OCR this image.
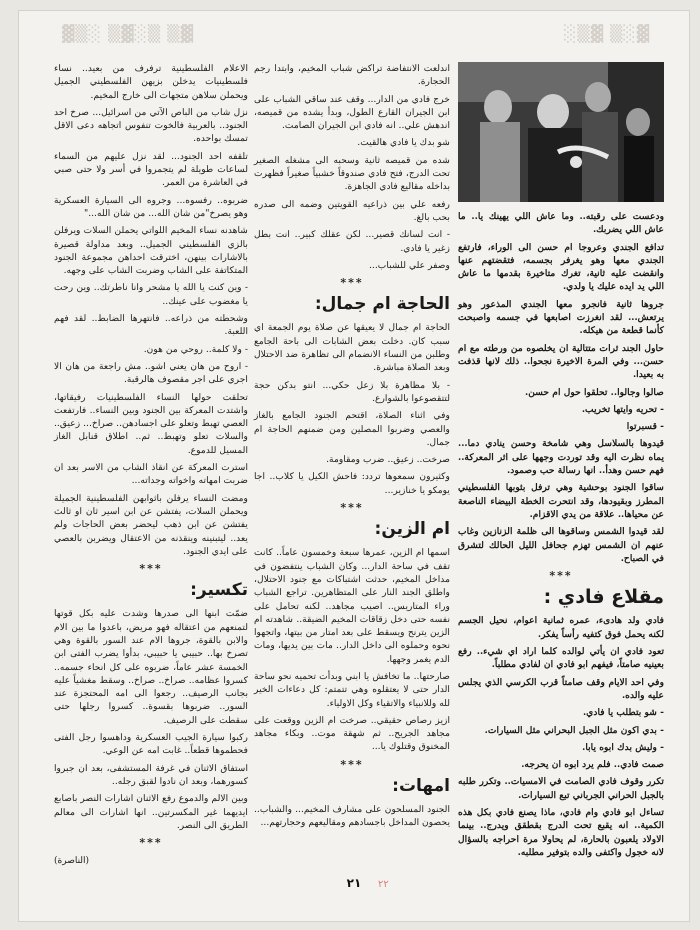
▓▒░ ▒▓░▒ ▒▓	░▒▓ ▒░▓

ودعست على رقبته.. وما عاش اللي يهينك يا.. ما عاش اللي يضربك.

تدافع الجندي وعروجا ام حسن الى الوراء، فارتفع الجندي معها وهو يغرفر بجسمه، فتقضتهم عنها وانقضت عليه ثانية، تغرك متاخيرة بقدمها ما عاش اللي يد ايده عليك يا ولدي.

جروها ثانية فانجرو معها الجندي المذعور وهو يرتعش... لقد انغرزت اصابعها في جسمه واصبحت كأنما قطعة من هيكله.

حاول الجند ثرات متتالية ان يخلصوه من ورطته مع ام حسن... وفي المرة الاخيرة نجحوا.. ذلك لانها قذفت به بعيدا.

صالوا وجالوا.. تحلقوا حول ام حسن.

- تحريه وايتها تخريب.

- قسبرتوا

قيدوها بالسلاسل وهي شامخة وحسن ينادي دما... يماه نظرت اليه وقد توردت وجهها على اثر المعركة.. فهم حسن وهدأ.. انها رسالة حب وصمود.

ساقوا الجنود بوحشية وهي ترفل بثوبها الفلسطيني المطرز وبقيودها، وقد انتحرت الخطة البيضاء الناصعة عن محياها.. علاقة من يدي الاقزام.

لقد قيدوا الشمس وساقوها الى ظلمة الزنازين وغاب عنهم ان الشمس تهزم جحافل الليل الحالك لتشرق في الصباح.

***
مقلاع فادي :

فادي ولد هادىء، عمره ثمانية اعوام، نحيل الجسم لكنه يحمل فوق كتفيه رأساً يفكر.

تعود فادي ان يأتي لوالده كلما اراد اي شيء.. رفع بعينيه صامتاً، فيفهم ابو فادي ان لفادي مطلباً.

وفي احد الايام وقف صامتاً قرب الكرسي الذي يجلس عليه والده.

- شو بتطلب يا فادي.

- بدي اكون مثل الجبل البحراني مثل السيارات.

- وليش بدك ابوه يابا.

صمت فادي.. فلم يرد ابوه ان يحرجه.

تكرر وقوف فادي الصامت في الامسيات.. وتكرر طلبه بالجبل الحراني الجرباني تبع السيارات.

تساءل ابو فادي وام فادي، ماذا يصنع فادي بكل هذه الكمية.. انه يقبع تحت الدرج بقطقق ويدرج.. بينما الاولاد يلعبون بالحارة، لم يحاولا مرة احراجه بالسؤال لانه خجول واكتفى والده بتوفير مطلبه.

اندلعت الانتفاضة تراكض شباب المخيم، وابتدا رجم الحجارة.

خرج فادي من الدار... وقف عند ساقي الشباب على ابن الجيران القارع الطول، وبدأ يشده من قميصه، اندهش علي.. انه فادي ابن الجيران الصامت.

شو بدك يا فادي هالقيت.

شده من قميصه ثانية وسحبه الى مشغله الصغير تحت الدرج، فتح فادي صندوقاً خشبياً صغيراً فظهرت بداخله مقاليع فادي الجاهزة.

رفعه علي بين ذراعيه القويتين وضمه الى صدره بحب بالغ.

- انت لسانك قصير... لكن عقلك كبير.. انت بطل زغير يا فادي.

وصفر علي للشباب...

***
الحاجة ام جمال:

الحاجة ام جمال لا يعيقها عن صلاة يوم الجمعة اي سبب كان. دخلت بعض الشابات الى باحة الجامع وطلبن من النساء الانضمام الى تظاهرة ضد الاحتلال وبعد الصلاة مباشرة.

- بلا مظاهرة بلا زعل حكي... انتو بدكن حجة لتتقصوعوا بالشوارع.

وفي اثناء الصلاة، اقتحم الجنود الجامع بالغاز والعصي وضربوا المصلين ومن ضمنهم الحاجة ام جمال.

صرخت.. زعيق.. ضرب ومقاومة.

وكثيرون سمعوها تردد: فاحش الكيل يا كلاب.. اجا يومكو يا خنازير...

***
ام الزين:

اسمها ام الزين، عمرها سبعة وخمسون عاماً.. كانت تقف في ساحة الدار... وكان الشباب ينتفضون في مداخل المخيم، حدثت اشتباكات مع جنود الاحتلال، واطلق الجند النار على المتظاهرين. تراجع الشباب وراء المتاريس.. اصيب مجاهد.. لكنه تحامل على نفسه حتى دخل زقاقات المخيم الضيقة.. شاهدته ام الزين يترنح ويسقط على بعد امتار من بيتها، واتجهوا نحوه وحملوه الى داخل الدار.. مات بين يديها، ومات الدم يغمر وجهها.

صارحتها.. ما تخافش يا ابني وبدأت تحميه نحو ساحة الدار حتى لا يعتقلوه وهي تتمتم: كل دعاءات الخير لله وللانبياء والاتقياء وكل الاولياء.

ازيز رصاص حقيقي.. صرخت ام الزين ووقعت على مجاهد الجريح.. ثم شهقة موت.. وبكاء مجاهد المخنوق وقتلوك يا...

***
امهات:

الجنود المسلحون على مشارف المخيم... والشباب.. يحصون المداخل باجسادهم ومقاليعهم وحجارتهم...

الاعلام الفلسطينية ترفرف من بعيد.. نساء فلسطينيات يدخلن بزيهن الفلسطيني الجميل ويحملن سلاهن متجهات الى خارج المخيم.

نزل شاب من الباص الآتي من اسرائيل... صرخ احد الجنود.. بالعربية فالخوت تنفوس اتجاهه دعى الاقل تمسك بواحده.

تلقفه احد الجنود... لقد نزل عليهم من السماء لساعات طويلة لم يتجمروا في أسر ولا حتى صبي في العاشرة من العمر.

ضربوه.. رفسوه... وجروه الى السيارة العسكرية وهو يصرخ"من شان الله... من شان الله..."

شاهدنه نساء المخيم اللواتي يحملن السلات ويرفلن بالزي الفلسطيني الجميل.. وبعد مداولة قصيرة بالاشارات بينهن، اخترقت احداهن مجموعة الجنود المتكاتفة على الشاب وضربت الشاب على وجهه.

- وين كنت يا الله يا مشحر وانا ناطرتك.. وين رحت يا مغضوب على عينك..

وشحطته من ذراعه.. فانتهرها الضابط.. لقد فهم اللعبة.

- ولا كلمة.. روحي من هون.

- اروح من هان يعني اشو.. مش راجعة من هان الا اجري على اجر مقصوف هالرقبة.

تحلقت حولها النساء الفلسطينيات رفيقاتها، واشتدت المعركة بين الجنود وبين النساء.. فارتفعت العصي تهبط وتعلو على اجسادهن.. صراخ... زعيق.. والسلات تعلو وتهبط.. ثم.. اطلاق قنابل الغاز المسيل للدموع.

استرت المعركة عن انقاذ الشاب من الاسر بعد ان ضربت امهاته واخواته وجداته...

ومضت النساء يرفلن باثوابهن الفلسطينية الجميلة ويحملن السلات، يفتشن عن ابن اسير ثان او ثالث يفتشن عن ابن ذهب ليحضر بعض الحاجات ولم يعد.. ليتبنينه وينقذنه من الاعتقال ويضربن بالعصي على ايدي الجنود.

***
تكسير:

ضمّت ابنها الى صدرها وشدت عليه بكل قوتها لتمنعهم من اعتقاله فهو مريض، باعدوا ما بين الام والابن بالقوة، جروها الام عند السور بالقوة وهي تصرخ بها.. حبيبي يا حبيبي، بدأوا يضرب الفتى ابن الخمسة عشر عاماً، ضربوه على كل انحاء جسمه.. كسروا عظامه.. صراخ.. صراخ.. وسقط مغشياً عليه بجانب الرصيف.. رجعوا الى امه المحتجزة عند السور.. ضربوها بقسوة.. كسروا رجلها حتى سقطت على الرصيف.

ركبوا سيارة الجيب العسكرية وداهسوا رجل الفتى فحطموها قطعاً.. غابت امه عن الوعي.

استفاق الاثنان في غرفة المستشفى، بعد ان جبروا كسورهما، وبعد ان نادوا لقبق رجله..

وبين الالم والدموع رفع الاثنان اشارات النصر باصابع ايديهما غير المكسرتين.. انها اشارات الى معالم الطريق الى النصر.

***
(الناصرة)
٢١	٢٢
